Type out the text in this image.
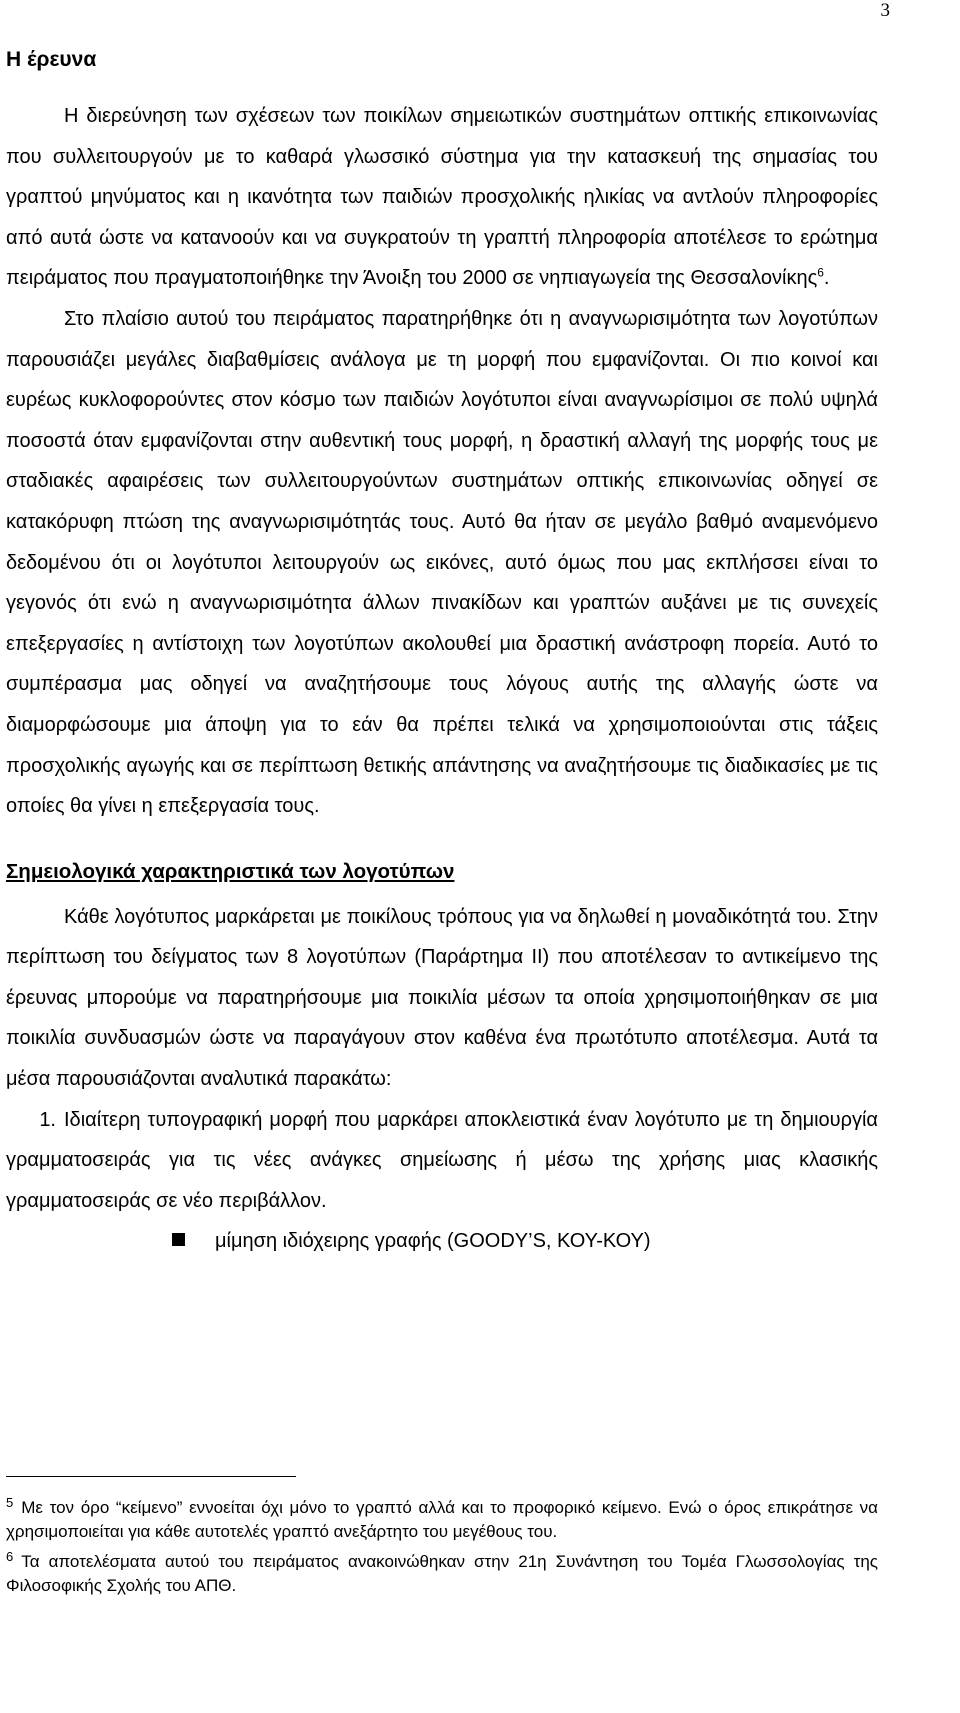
3
Η έρευνα

Η διερεύνηση των σχέσεων των ποικίλων σημειωτικών συστημάτων οπτικής επικοινωνίας που συλλειτουργούν με το καθαρά γλωσσικό σύστημα για την κατασκευή της σημασίας του γραπτού μηνύματος και η ικανότητα των παιδιών προσχολικής ηλικίας να αντλούν πληροφορίες από αυτά ώστε να κατανοούν και να συγκρατούν τη γραπτή πληροφορία αποτέλεσε το ερώτημα πειράματος που πραγματοποιήθηκε την Άνοιξη του 2000 σε νηπιαγωγεία της Θεσσαλονίκης$^6$.

Στο πλαίσιο αυτού του πειράματος παρατηρήθηκε ότι η αναγνωρισιμότητα των λογοτύπων παρουσιάζει μεγάλες διαβαθμίσεις ανάλογα με τη μορφή που εμφανίζονται. Οι πιο κοινοί και ευρέως κυκλοφορούντες στον κόσμο των παιδιών λογότυποι είναι αναγνωρίσιμοι σε πολύ υψηλά ποσοστά όταν εμφανίζονται στην αυθεντική τους μορφή, η δραστική αλλαγή της μορφής τους με σταδιακές αφαιρέσεις των συλλειτουργούντων συστημάτων οπτικής επικοινωνίας οδηγεί σε κατακόρυφη πτώση της αναγνωρισιμότητάς τους. Αυτό θα ήταν σε μεγάλο βαθμό αναμενόμενο δεδομένου ότι οι λογότυποι λειτουργούν ως εικόνες, αυτό όμως που μας εκπλήσσει είναι το γεγονός ότι ενώ η αναγνωρισιμότητα άλλων πινακίδων και γραπτών αυξάνει με τις συνεχείς επεξεργασίες η αντίστοιχη των λογοτύπων ακολουθεί μια δραστική ανάστροφη πορεία. Αυτό το συμπέρασμα μας οδηγεί να αναζητήσουμε τους λόγους αυτής της αλλαγής ώστε να διαμορφώσουμε μια άποψη για το εάν θα πρέπει τελικά να χρησιμοποιούνται στις τάξεις προσχολικής αγωγής και σε περίπτωση θετικής απάντησης να αναζητήσουμε τις διαδικασίες με τις οποίες θα γίνει η επεξεργασία τους.

Σημειολογικά χαρακτηριστικά των λογοτύπων

Κάθε λογότυπος μαρκάρεται με ποικίλους τρόπους για να δηλωθεί η μοναδικότητά του. Στην περίπτωση του δείγματος των 8 λογοτύπων (Παράρτημα ΙΙ) που αποτέλεσαν το αντικείμενο της έρευνας μπορούμε να παρατηρήσουμε μια ποικιλία μέσων τα οποία χρησιμοποιήθηκαν σε μια ποικιλία συνδυασμών ώστε να παραγάγουν στον καθένα ένα πρωτότυπο αποτέλεσμα. Αυτά τα μέσα παρουσιάζονται αναλυτικά παρακάτω:

1. Ιδιαίτερη τυπογραφική μορφή που μαρκάρει αποκλειστικά έναν λογότυπο με τη δημιουργία γραμματοσειράς για τις νέες ανάγκες σημείωσης ή μέσω της χρήσης μιας κλασικής γραμματοσειράς σε νέο περιβάλλον.

μίμηση ιδιόχειρης γραφής (GOODY’S, ΚΟΥ-ΚΟΥ)

$^5$ Με τον όρο “κείμενο” εννοείται όχι μόνο το γραπτό αλλά και το προφορικό κείμενο. Ενώ ο όρος επικράτησε να χρησιμοποιείται για κάθε αυτοτελές γραπτό ανεξάρτητο του μεγέθους του.

$^6$ Τα αποτελέσματα αυτού του πειράματος ανακοινώθηκαν στην 21η Συνάντηση του Τομέα Γλωσσολογίας της Φιλοσοφικής Σχολής του ΑΠΘ.
